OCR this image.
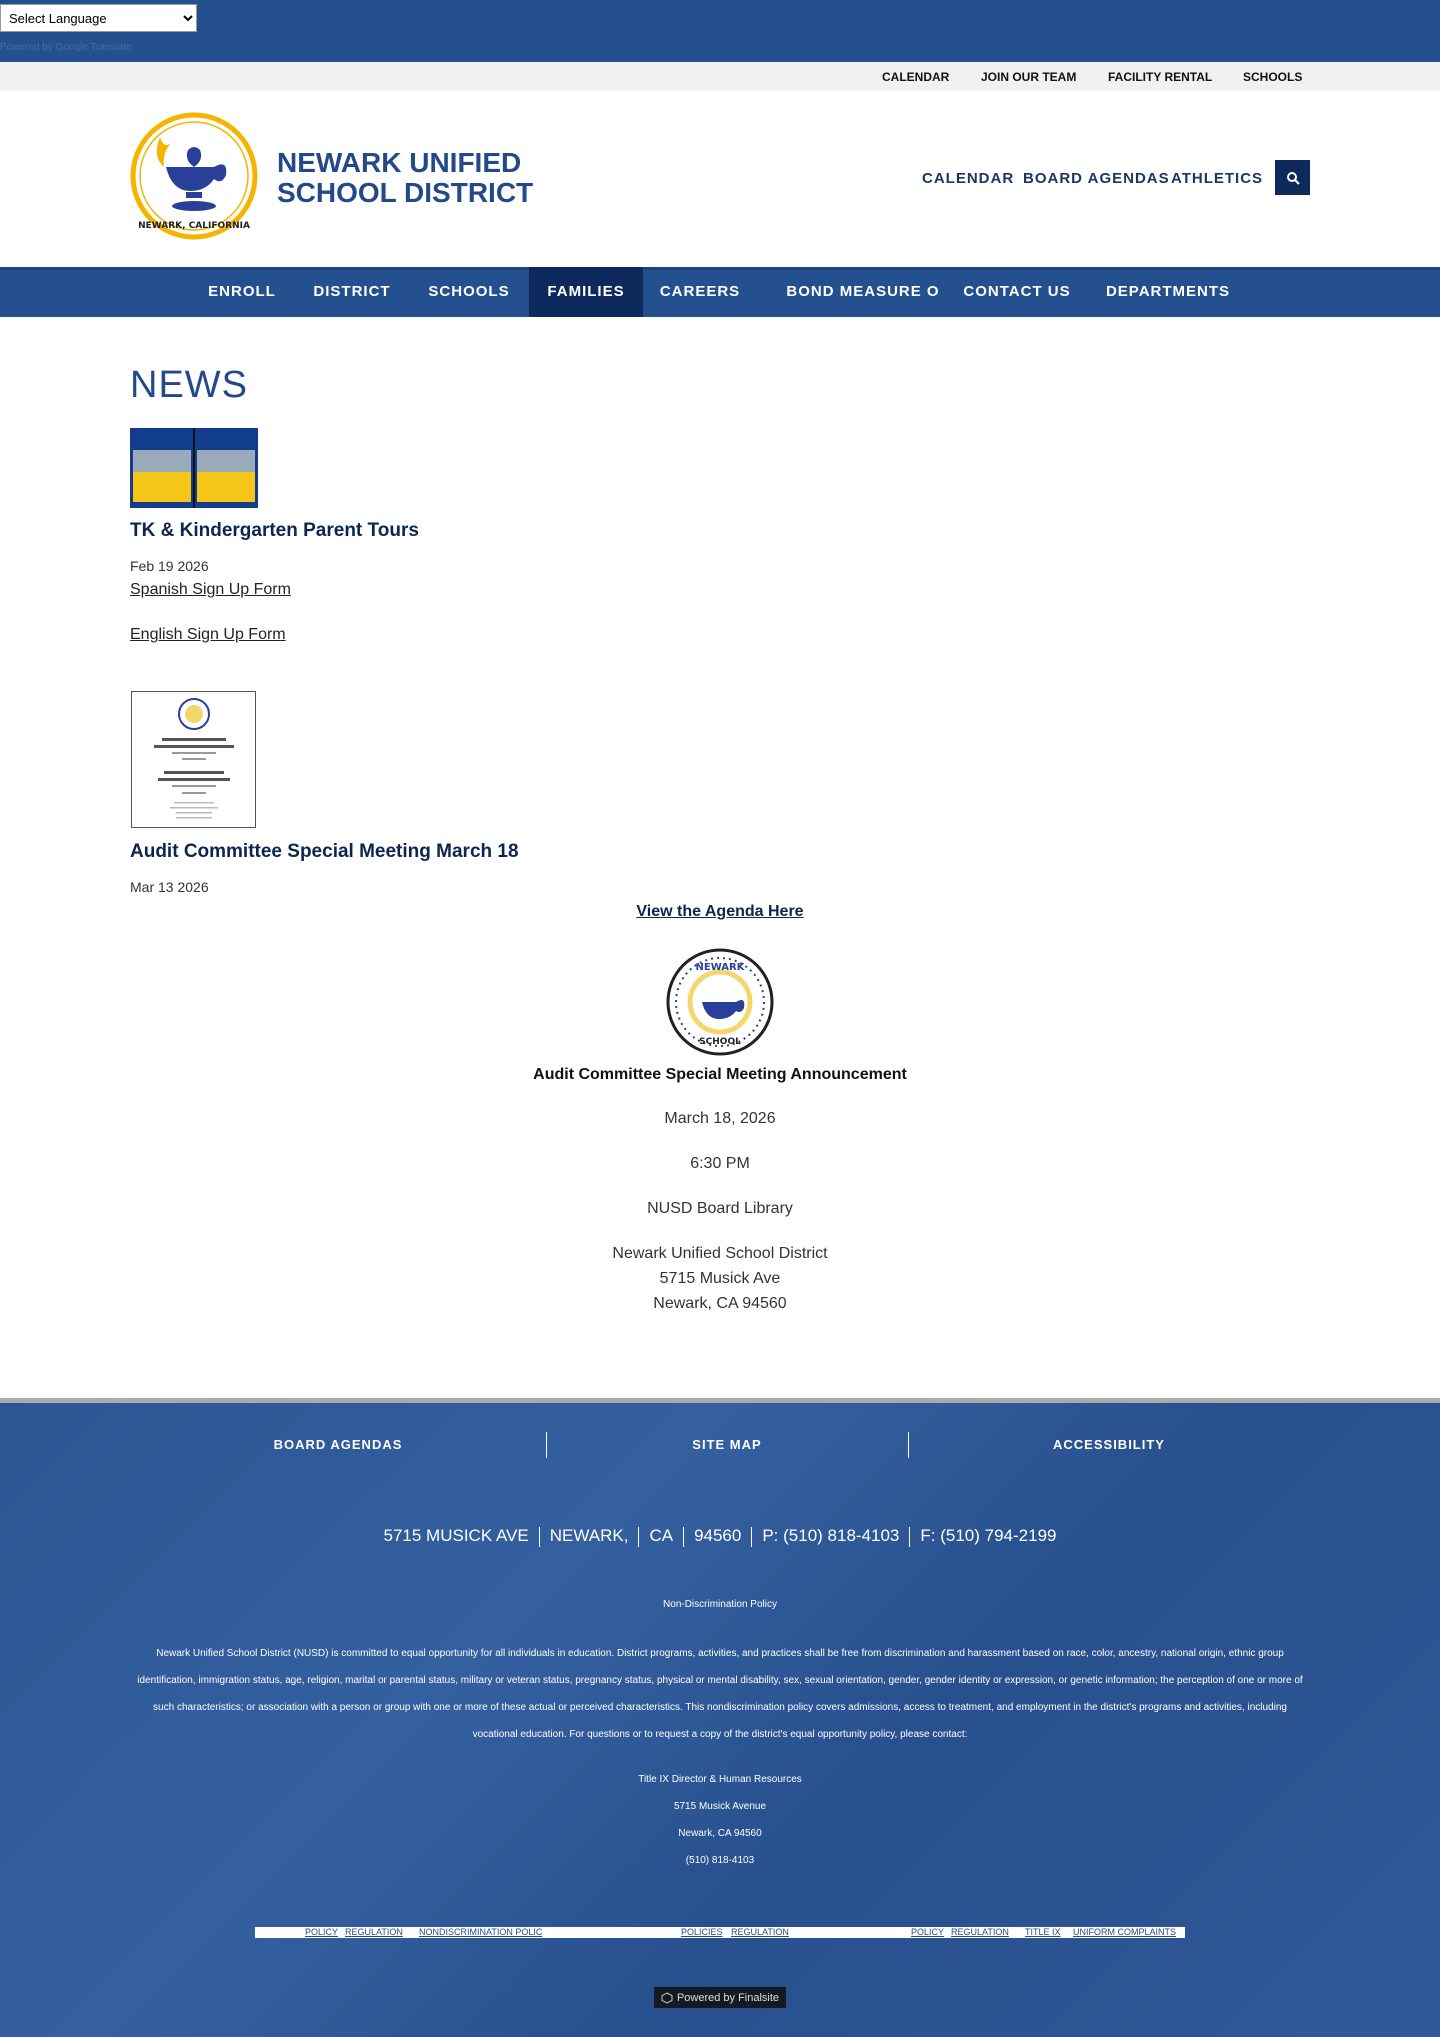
Select Language
Powered by Google Translate
CALENDAR	JOIN OUR TEAM	FACILITY RENTAL	SCHOOLS
NEWARK, CALIFORNIA
NEWARK UNIFIED
SCHOOL DISTRICT	CALENDAR BOARD AGENDAS ATHLETICS
ENROLL	DISTRICT	SCHOOLS	FAMILIES	CAREERS	BOND MEASURE O	CONTACT US	DEPARTMENTS
NEWS
TK & Kindergarten Parent Tours
Feb 19 2026
Spanish Sign Up Form
English Sign Up Form
Audit Committee Special Meeting March 18
Mar 13 2026
View the Agenda Here
NEWARK
SCHOOL
Audit Committee Special Meeting Announcement
March 18, 2026
6:30 PM
NUSD Board Library
Newark Unified School District
5715 Musick Ave
Newark, CA 94560
BOARD AGENDAS	SITE MAP	ACCESSIBILITY
5715 MUSICK AVE NEWARK, CA 94560 P: (510) 818-4103 F: (510) 794-2199
Non-Discrimination Policy
Newark Unified School District (NUSD) is committed to equal opportunity for all individuals in education. District programs, activities, and practices shall be free from discrimination and harassment based on race, color, ancestry, national origin, ethnic group identification, immigration status, age, religion, marital or parental status, military or veteran status, pregnancy status, physical or mental disability, sex, sexual orientation, gender, gender identity or expression, or genetic information; the perception of one or more of such characteristics; or association with a person or group with one or more of these actual or perceived characteristics. This nondiscrimination policy covers admissions, access to treatment, and employment in the district's programs and activities, including vocational education. For questions or to request a copy of the district's equal opportunity policy, please contact:
Title IX Director & Human Resources
5715 Musick Avenue
Newark, CA 94560
(510) 818-4103
POLICY REGULATION NONDISCRIMINATION POLIC	POLICIES REGULATION	POLICY REGULATION TITLE IX UNIFORM COMPLAINTS
Powered by Finalsite
